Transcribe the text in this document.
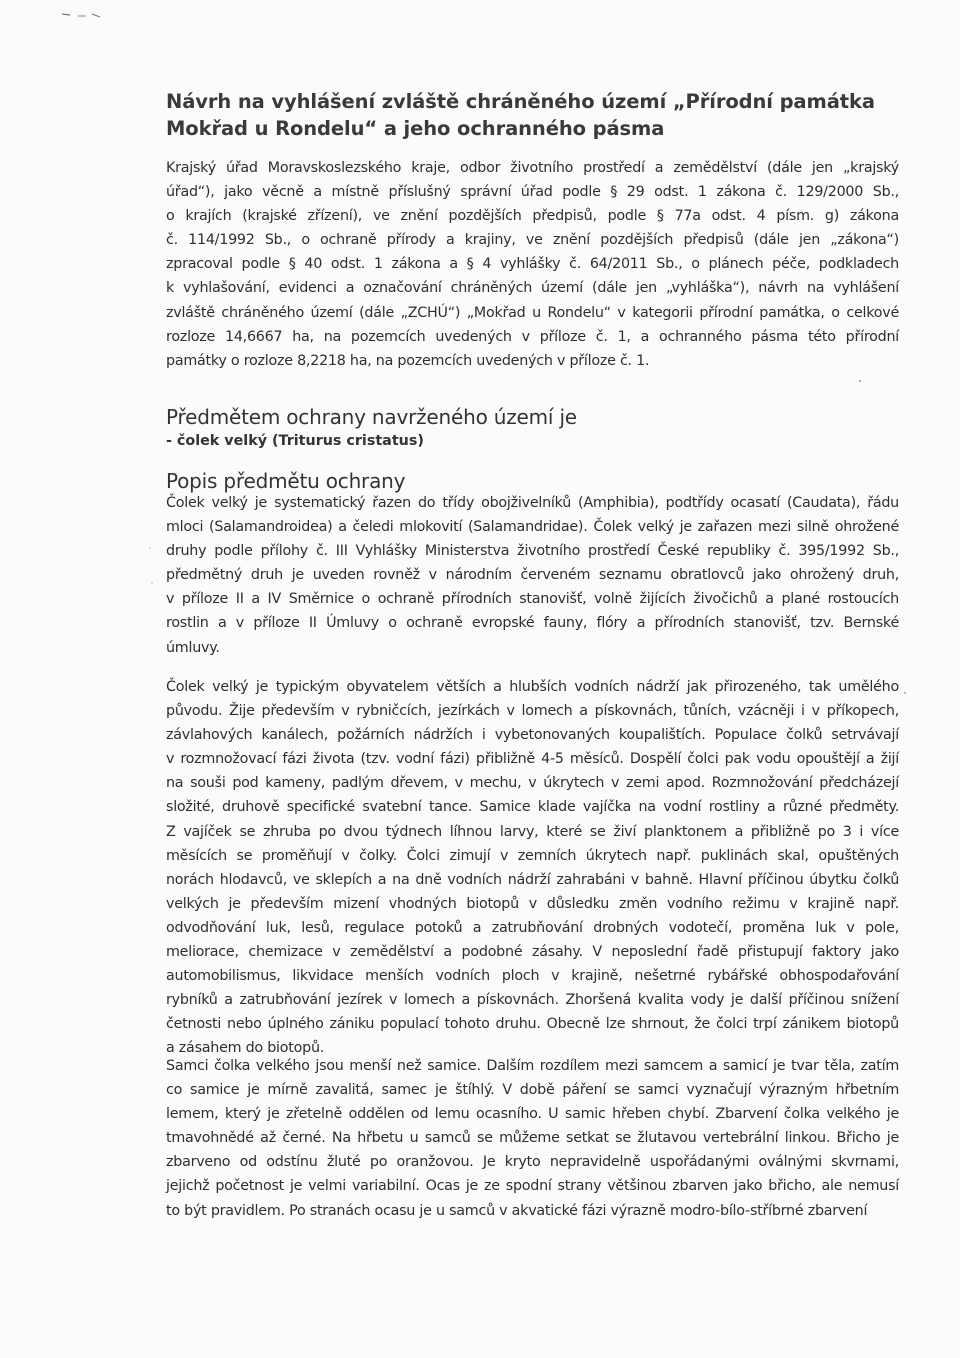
Návrh na vyhlášení zvláště chráněného území „Přírodní památka
Mokřad u Rondelu“ a jeho ochranného pásma
Krajský úřad Moravskoslezského kraje, odbor životního prostředí a zemědělství (dále jen „krajský
úřad“), jako věcně a místně příslušný správní úřad podle § 29 odst. 1 zákona č. 129/2000 Sb.,
o krajích (krajské zřízení), ve znění pozdějších předpisů, podle § 77a odst. 4 písm. g) zákona
č. 114/1992 Sb., o ochraně přírody a krajiny, ve znění pozdějších předpisů (dále jen „zákona“)
zpracoval podle § 40 odst. 1 zákona a § 4 vyhlášky č. 64/2011 Sb., o plánech péče, podkladech
k vyhlašování, evidenci a označování chráněných území (dále jen „vyhláška“), návrh na vyhlášení
zvláště chráněného území (dále „ZCHÚ“) „Mokřad u Rondelu“ v kategorii přírodní památka, o celkové
rozloze 14,6667 ha, na pozemcích uvedených v příloze č. 1, a ochranného pásma této přírodní
památky o rozloze 8,2218 ha, na pozemcích uvedených v příloze č. 1.
Předmětem ochrany navrženého území je
- čolek velký (Triturus cristatus)
Popis předmětu ochrany
Čolek velký je systematický řazen do třídy obojživelníků (Amphibia), podtřídy ocasatí (Caudata), řádu
mloci (Salamandroidea) a čeledi mlokovití (Salamandridae). Čolek velký je zařazen mezi silně ohrožené
druhy podle přílohy č. III Vyhlášky Ministerstva životního prostředí České republiky č. 395/1992 Sb.,
předmětný druh je uveden rovněž v národním červeném seznamu obratlovců jako ohrožený druh,
v příloze II a IV Směrnice o ochraně přírodních stanovišť, volně žijících živočichů a plané rostoucích
rostlin a v příloze II Úmluvy o ochraně evropské fauny, flóry a přírodních stanovišť, tzv. Bernské
úmluvy.
Čolek velký je typickým obyvatelem větších a hlubších vodních nádrží jak přirozeného, tak umělého
původu. Žije především v rybničcích, jezírkách v lomech a pískovnách, tůních, vzácněji i v příkopech,
závlahových kanálech, požárních nádržích i vybetonovaných koupalištích. Populace čolků setrvávají
v rozmnožovací fázi života (tzv. vodní fázi) přibližně 4-5 měsíců. Dospělí čolci pak vodu opouštějí a žijí
na souši pod kameny, padlým dřevem, v mechu, v úkrytech v zemi apod. Rozmnožování předcházejí
složité, druhově specifické svatební tance. Samice klade vajíčka na vodní rostliny a různé předměty.
Z vajíček se zhruba po dvou týdnech líhnou larvy, které se živí planktonem a přibližně po 3 i více
měsících se proměňují v čolky. Čolci zimují v zemních úkrytech např. puklinách skal, opuštěných
norách hlodavců, ve sklepích a na dně vodních nádrží zahrabáni v bahně. Hlavní příčinou úbytku čolků
velkých je především mizení vhodných biotopů v důsledku změn vodního režimu v krajině např.
odvodňování luk, lesů, regulace potoků a zatrubňování drobných vodotečí, proměna luk v pole,
meliorace, chemizace v zemědělství a podobné zásahy. V neposlední řadě přistupují faktory jako
automobilismus, likvidace menších vodních ploch v krajině, nešetrné rybářské obhospodařování
rybníků a zatrubňování jezírek v lomech a pískovnách. Zhoršená kvalita vody je další příčinou snížení
četnosti nebo úplného zániku populací tohoto druhu. Obecně lze shrnout, že čolci trpí zánikem biotopů
a zásahem do biotopů.
Samci čolka velkého jsou menší než samice. Dalším rozdílem mezi samcem a samicí je tvar těla, zatím
co samice je mírně zavalitá, samec je štíhlý. V době páření se samci vyznačují výrazným hřbetním
lemem, který je zřetelně oddělen od lemu ocasního. U samic hřeben chybí. Zbarvení čolka velkého je
tmavohnědé až černé. Na hřbetu u samců se můžeme setkat se žlutavou vertebrální linkou. Břicho je
zbarveno od odstínu žluté po oranžovou. Je kryto nepravidelně uspořádanými oválnými skvrnami,
jejichž početnost je velmi variabilní. Ocas je ze spodní strany většinou zbarven jako břicho, ale nemusí
to být pravidlem. Po stranách ocasu je u samců v akvatické fázi výrazně modro-bílo-stříbrné zbarvení
